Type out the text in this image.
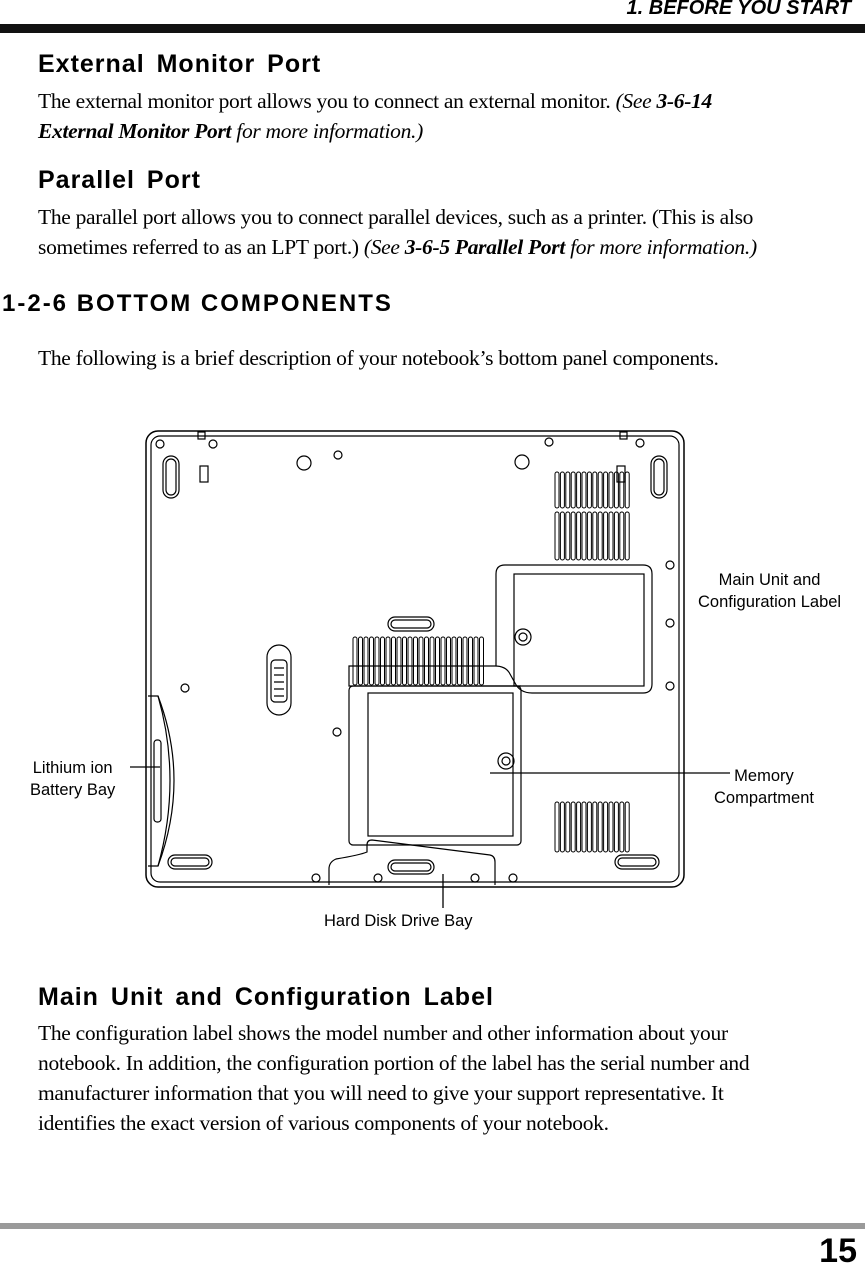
1. BEFORE YOU START
External Monitor Port
The external monitor port allows you to connect an external monitor. (See 3-6-14
External Monitor Port for more information.)
Parallel Port
The parallel port allows you to connect parallel devices, such as a printer. (This is also
sometimes referred to as an LPT port.) (See 3-6-5 Parallel Port for more information.)
1-2-6 BOTTOM COMPONENTS
The following is a brief description of your notebook’s bottom panel components.
Main Unit and
Configuration Label
Lithium ion
Battery Bay
Memory
Compartment
Hard Disk Drive Bay
Main Unit and Configuration Label
The configuration label shows the model number and other information about your
notebook. In addition, the configuration portion of the label has the serial number and
manufacturer information that you will need to give your support representative. It
identifies the exact version of various components of your notebook.
15
